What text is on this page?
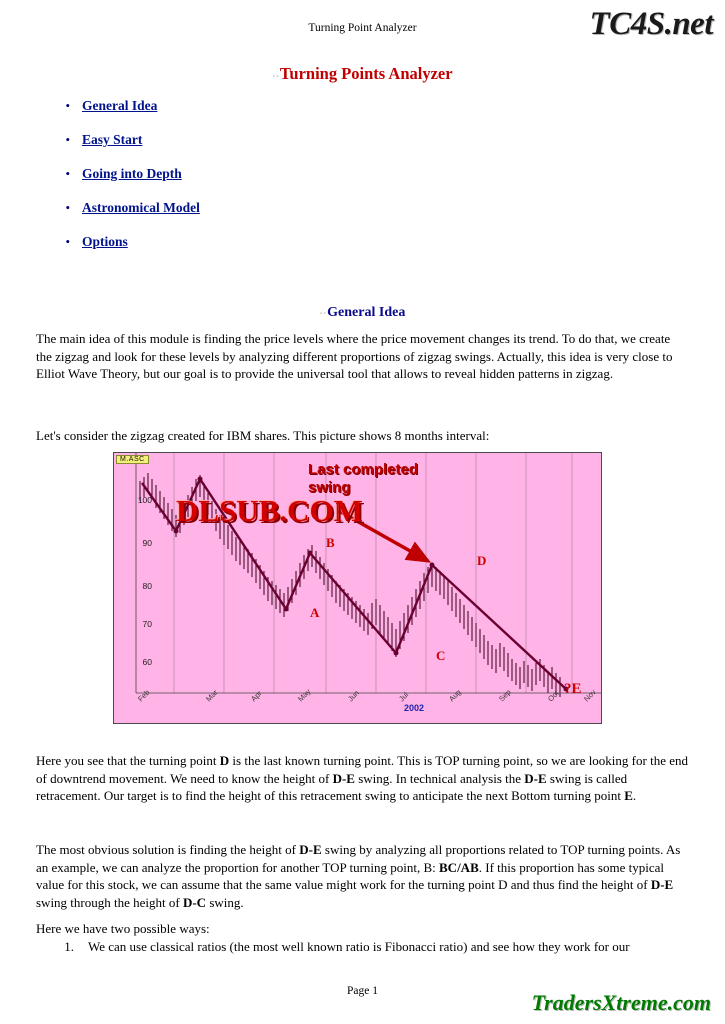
Turning Point Analyzer	TC4S.net
..Turning Points Analyzer
• General Idea
• Easy Start
• Going into Depth
• Astronomical Model
• Options
..General Idea
The main idea of this module is finding the price levels where the price movement changes its trend. To do that, we create the zigzag and look for these levels by analyzing different proportions of zigzag swings. Actually, this idea is very close to Elliot Wave Theory, but our goal is to provide the universal tool that allows to reveal hidden patterns in zigzag.
Let's consider the zigzag created for IBM shares. This picture shows 8 months interval:
M.ASC
100
90
80
70
60
Feb	Mar	Apr	May	Jun	Jul	Aug	Sep	Oct	Nov
2002
A
B
C
D
?E
Last completed
swing
DLSUB.COM
Here you see that the turning point D is the last known turning point. This is TOP turning point, so we are looking for the end of downtrend movement. We need to know the height of D-E swing. In technical analysis the D-E swing is called retracement. Our target is to find the height of this retracement swing to anticipate the next Bottom turning point E.
The most obvious solution is finding the height of D-E swing by analyzing all proportions related to TOP turning points. As an example, we can analyze the proportion for another TOP turning point, B: BC/AB. If this proportion has some typical value for this stock, we can assume that the same value might work for the turning point D and thus find the height of D-E swing through the height of D-C swing.
Here we have two possible ways:
1.	We can use classical ratios (the most well known ratio is Fibonacci ratio) and see how they work for our
Page 1	TradersXtreme.com
